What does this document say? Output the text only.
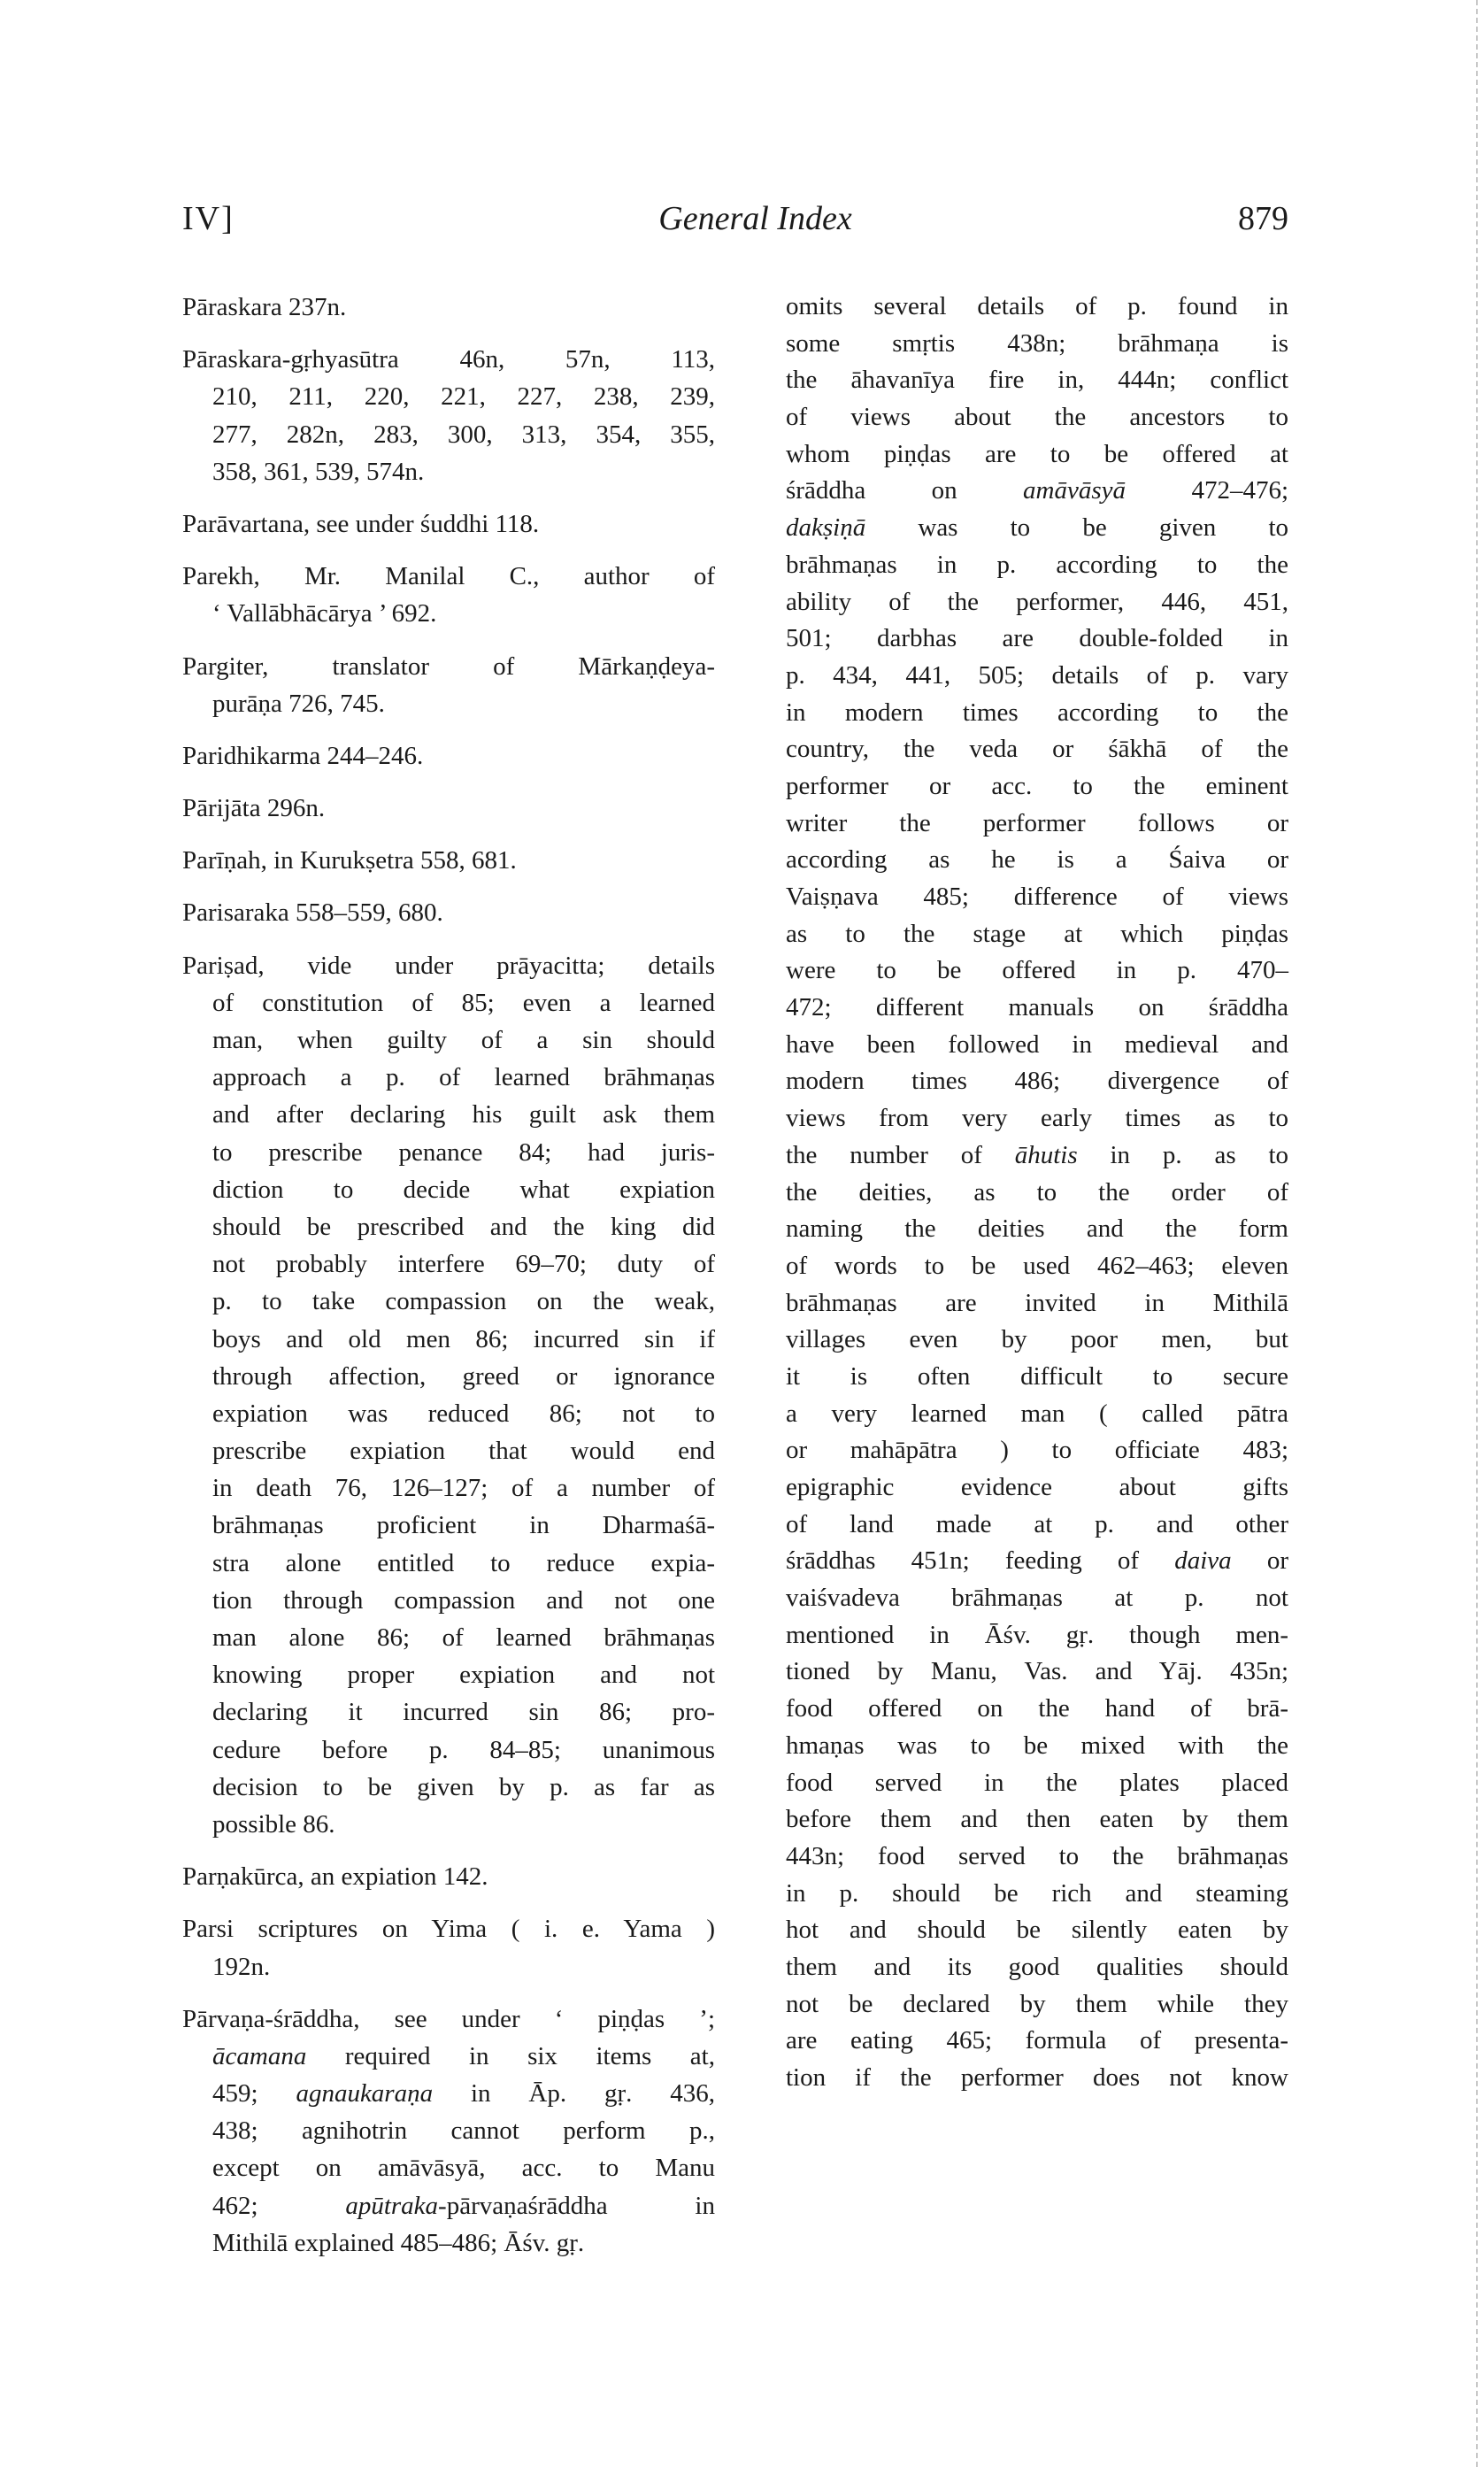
IV]	General Index	879
Pāraskara 237n.
Pāraskara-gṛhyasūtra 46n, 57n, 113,
210, 211, 220, 221, 227, 238, 239,
277, 282n, 283, 300, 313, 354, 355,
358, 361, 539, 574n.
Parāvartana, see under śuddhi 118.
Parekh, Mr. Manilal C., author of
‘ Vallābhācārya ’ 692.
Pargiter, translator of Mārkaṇḍeya-
purāṇa 726, 745.
Paridhikarma 244–246.
Pārijāta 296n.
Parīṇah, in Kurukṣetra 558, 681.
Parisaraka 558–559, 680.
Pariṣad, vide under prāyacitta; details
of constitution of 85; even a learned
man, when guilty of a sin should
approach a p. of learned brāhmaṇas
and after declaring his guilt ask them
to prescribe penance 84; had juris-
diction to decide what expiation
should be prescribed and the king did
not probably interfere 69–70; duty of
p. to take compassion on the weak,
boys and old men 86; incurred sin if
through affection, greed or ignorance
expiation was reduced 86; not to
prescribe expiation that would end
in death 76, 126–127; of a number of
brāhmaṇas proficient in Dharmaśā-
stra alone entitled to reduce expia-
tion through compassion and not one
man alone 86; of learned brāhmaṇas
knowing proper expiation and not
declaring it incurred sin 86; pro-
cedure before p. 84–85; unanimous
decision to be given by p. as far as
possible 86.
Parṇakūrca, an expiation 142.
Parsi scriptures on Yima ( i. e. Yama )
192n.
Pārvaṇa-śrāddha, see under ‘ piṇḍas ’;
ācamana required in six items at,
459; agnaukaraṇa in Āp. gṛ. 436,
438; agnihotrin cannot perform p.,
except on amāvāsyā, acc. to Manu
462; apūtraka-pārvaṇaśrāddha in
Mithilā explained 485–486; Āśv. gṛ.
omits several details of p. found in
some smṛtis 438n; brāhmaṇa is
the āhavanīya fire in, 444n; conflict
of views about the ancestors to
whom piṇḍas are to be offered at
śrāddha on amāvāsyā 472–476;
dakṣiṇā was to be given to
brāhmaṇas in p. according to the
ability of the performer, 446, 451,
501; darbhas are double-folded in
p. 434, 441, 505; details of p. vary
in modern times according to the
country, the veda or śākhā of the
performer or acc. to the eminent
writer the performer follows or
according as he is a Śaiva or
Vaiṣṇava 485; difference of views
as to the stage at which piṇḍas
were to be offered in p. 470–
472; different manuals on śrāddha
have been followed in medieval and
modern times 486; divergence of
views from very early times as to
the number of āhutis in p. as to
the deities, as to the order of
naming the deities and the form
of words to be used 462–463; eleven
brāhmaṇas are invited in Mithilā
villages even by poor men, but
it is often difficult to secure
a very learned man ( called pātra
or mahāpātra ) to officiate 483;
epigraphic evidence about gifts
of land made at p. and other
śrāddhas 451n; feeding of daiva or
vaiśvadeva brāhmaṇas at p. not
mentioned in Āśv. gṛ. though men-
tioned by Manu, Vas. and Yāj. 435n;
food offered on the hand of brā-
hmaṇas was to be mixed with the
food served in the plates placed
before them and then eaten by them
443n; food served to the brāhmaṇas
in p. should be rich and steaming
hot and should be silently eaten by
them and its good qualities should
not be declared by them while they
are eating 465; formula of presenta-
tion if the performer does not know
